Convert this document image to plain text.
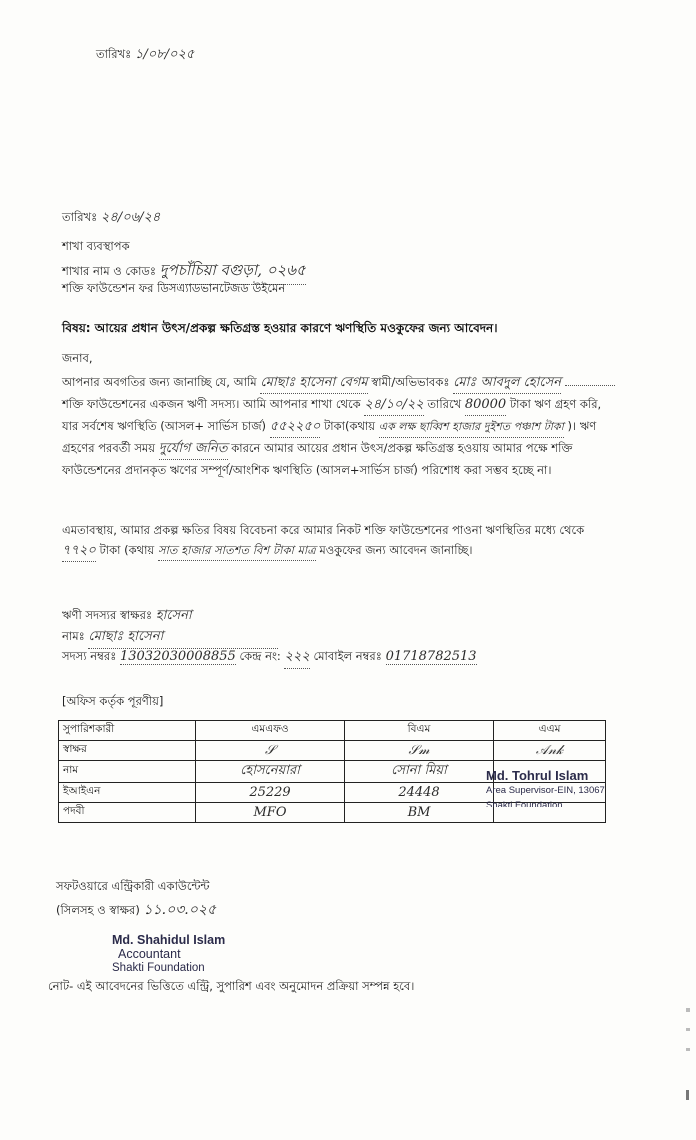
তারিখঃ ১/০৮/০২৫
তারিখঃ ২৪/০৬/২৪
শাখা ব্যবস্থাপক
শাখার নাম ও কোডঃ দুপচাঁচিয়া বগুড়া, ০২৬৫
শক্তি ফাউন্ডেশন ফর ডিসএ্যাডভানটেজড উইমেন
বিষয়: আয়ের প্রধান উৎস/প্রকল্প ক্ষতিগ্রস্ত হওয়ার কারণে ঋণস্থিতি মওকুফের জন্য আবেদন।
জনাব,
আপনার অবগতির জন্য জানাচ্ছি যে, আমি মোছাঃ হাসেনা বেগম স্বামী/অভিভাবকঃ মোঃ আবদুল হোসেন  শক্তি ফাউন্ডেশনের একজন ঋণী সদস্য। আমি আপনার শাখা থেকে ২৪/১০/২২ তারিখে 80000 টাকা ঋণ গ্রহণ করি, যার সর্বশেষ ঋণস্থিতি (আসল+ সার্ভিস চার্জ) ৫৫২২৫০ টাকা(কথায় এক লক্ষ ছাব্বিশ হাজার দুইশত পঞ্চাশ টাকা )। ঋণ গ্রহণের পরবর্তী সময় দুর্যোগ জনিত কারনে আমার আয়ের প্রধান উৎস/প্রকল্প ক্ষতিগ্রস্ত হওয়ায় আমার পক্ষে শক্তি ফাউন্ডেশনের প্রদানকৃত ঋণের সম্পূর্ণ/আংশিক ঋণস্থিতি (আসল+সার্ভিস চার্জ) পরিশোধ করা সম্ভব হচ্ছে না।
এমতাবস্থায়, আমার প্রকল্প ক্ষতির বিষয় বিবেচনা করে আমার নিকট শক্তি ফাউন্ডেশনের পাওনা ঋণস্থিতির মধ্যে থেকে ৭৭২০ টাকা (কথায় সাত হাজার সাতশত বিশ টাকা মাত্র মওকুফের জন্য আবেদন জানাচ্ছি।
ঋণী সদস্যর স্বাক্ষরঃ হাসেনা
নামঃ মোছাঃ হাসেনা
সদস্য নম্বরঃ 13032030008855 কেন্দ্র নং: ২২২ মোবাইল নম্বরঃ 01718782513
[অফিস কর্তৃক পূরণীয়]
সুপারিশকারী	এমএফও	বিএম	এএম
স্বাক্ষর	𝒮	𝒮𝓂	𝒜𝓃𝓀
নাম	হোসনেয়ারা	সোনা মিয়া	
ইআইএন	25229	24448	
পদবী	MFO	BM	
Md. Tohrul Islam
Area Supervisor-EIN, 13067
Shakti Foundation
সফটওয়ারে এন্ট্রিকারী একাউন্টেন্ট
(সিলসহ ও স্বাক্ষর) ১১.০৩.০২৫
Md. Shahidul Islam
Accountant
Shakti Foundation
নোট- এই আবেদনের ভিত্তিতে এন্ট্রি, সুপারিশ এবং অনুমোদন প্রক্রিয়া সম্পন্ন হবে।
